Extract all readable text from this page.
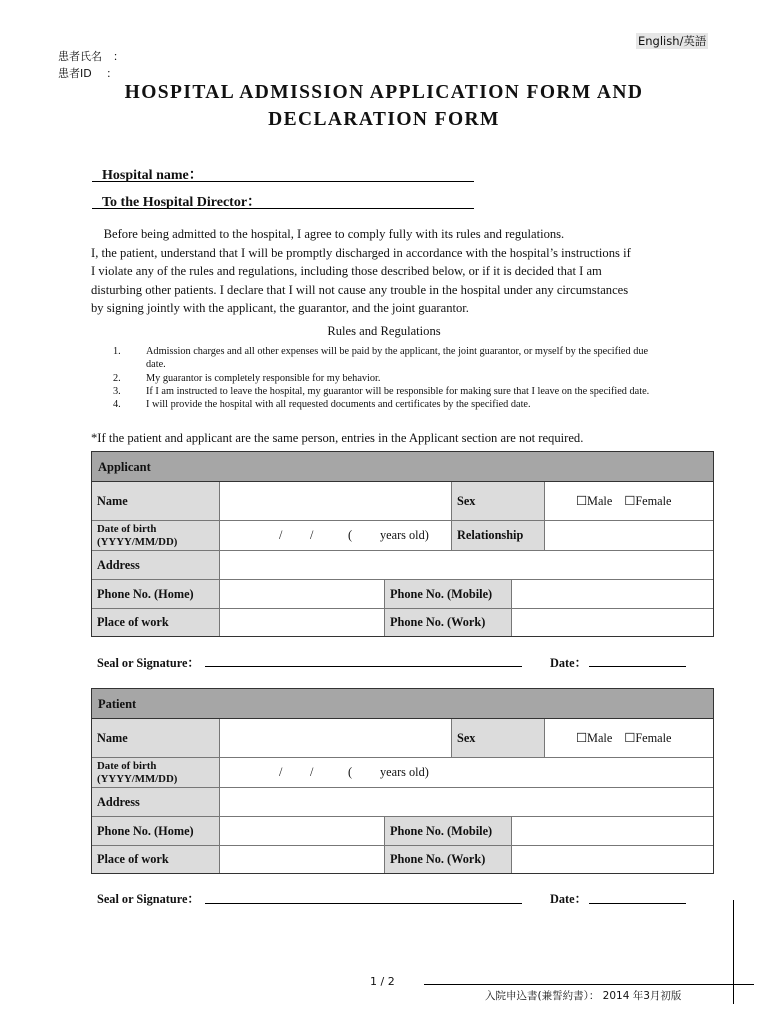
English/英語
患者氏名　：
患者ID　 ：
HOSPITAL ADMISSION APPLICATION FORM AND
DECLARATION FORM
Hospital name：
To the Hospital Director：

Before being admitted to the hospital, I agree to comply fully with its rules and regulations.

I, the patient, understand that I will be promptly discharged in accordance with the hospital’s instructions if

I violate any of the rules and regulations, including those described below, or if it is decided that I am

disturbing other patients. I declare that I will not cause any trouble in the hospital under any circumstances

by signing jointly with the applicant, the guarantor, and the joint guarantor.

Rules and Regulations
1.	Admission charges and all other expenses will be paid by the applicant, the joint guarantor, or myself by the specified due date.
2.	My guarantor is completely responsible for my behavior.
3.	If I am instructed to leave the hospital, my guarantor will be responsible for making sure that I leave on the specified date.
4.	I will provide the hospital with all requested documents and certificates by the specified date.
*If the patient and applicant are the same person, entries in the Applicant section are not required.
Applicant
Name	Sex	☐Male ☐Female
Date of birth
(YYYY/MM/DD)	/ /	( years old)	Relationship
Address
Phone No. (Home)	Phone No. (Mobile)
Place of work	Phone No. (Work)
Seal or Signature：	Date：
Patient
Name	Sex	☐Male ☐Female
Date of birth
(YYYY/MM/DD)	/ /	( years old)
Address
Phone No. (Home)	Phone No. (Mobile)
Place of work	Phone No. (Work)
Seal or Signature：	Date：
1 / 2
入院申込書(兼誓約書）： 2014 年3月初版
